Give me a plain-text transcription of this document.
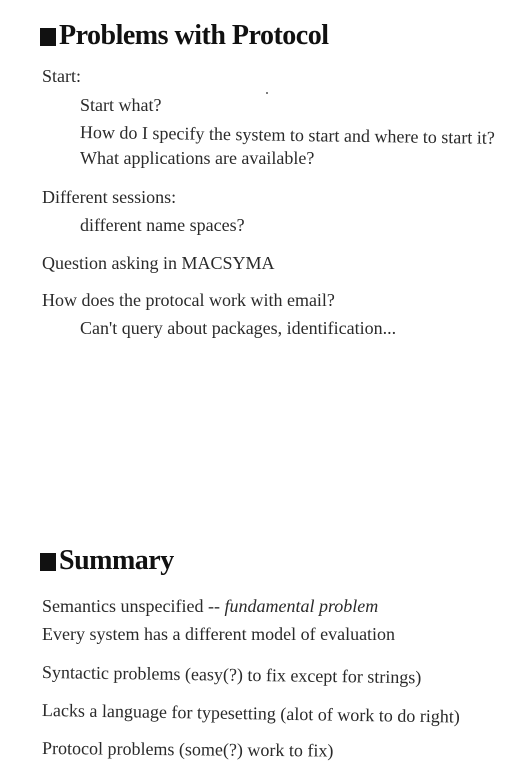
Problems with Protocol
Start:
Start what?
How do I specify the system to start and where to start it?
What applications are available?
Different sessions:
different name spaces?
Question asking in MACSYMA
How does the protocal work with email?
Can't query about packages, identification...
Summary
Semantics unspecified -- fundamental problem
Every system has a different model of evaluation
Syntactic problems (easy(?) to fix except for strings)
Lacks a language for typesetting (alot of work to do right)
Protocol problems (some(?) work to fix)
